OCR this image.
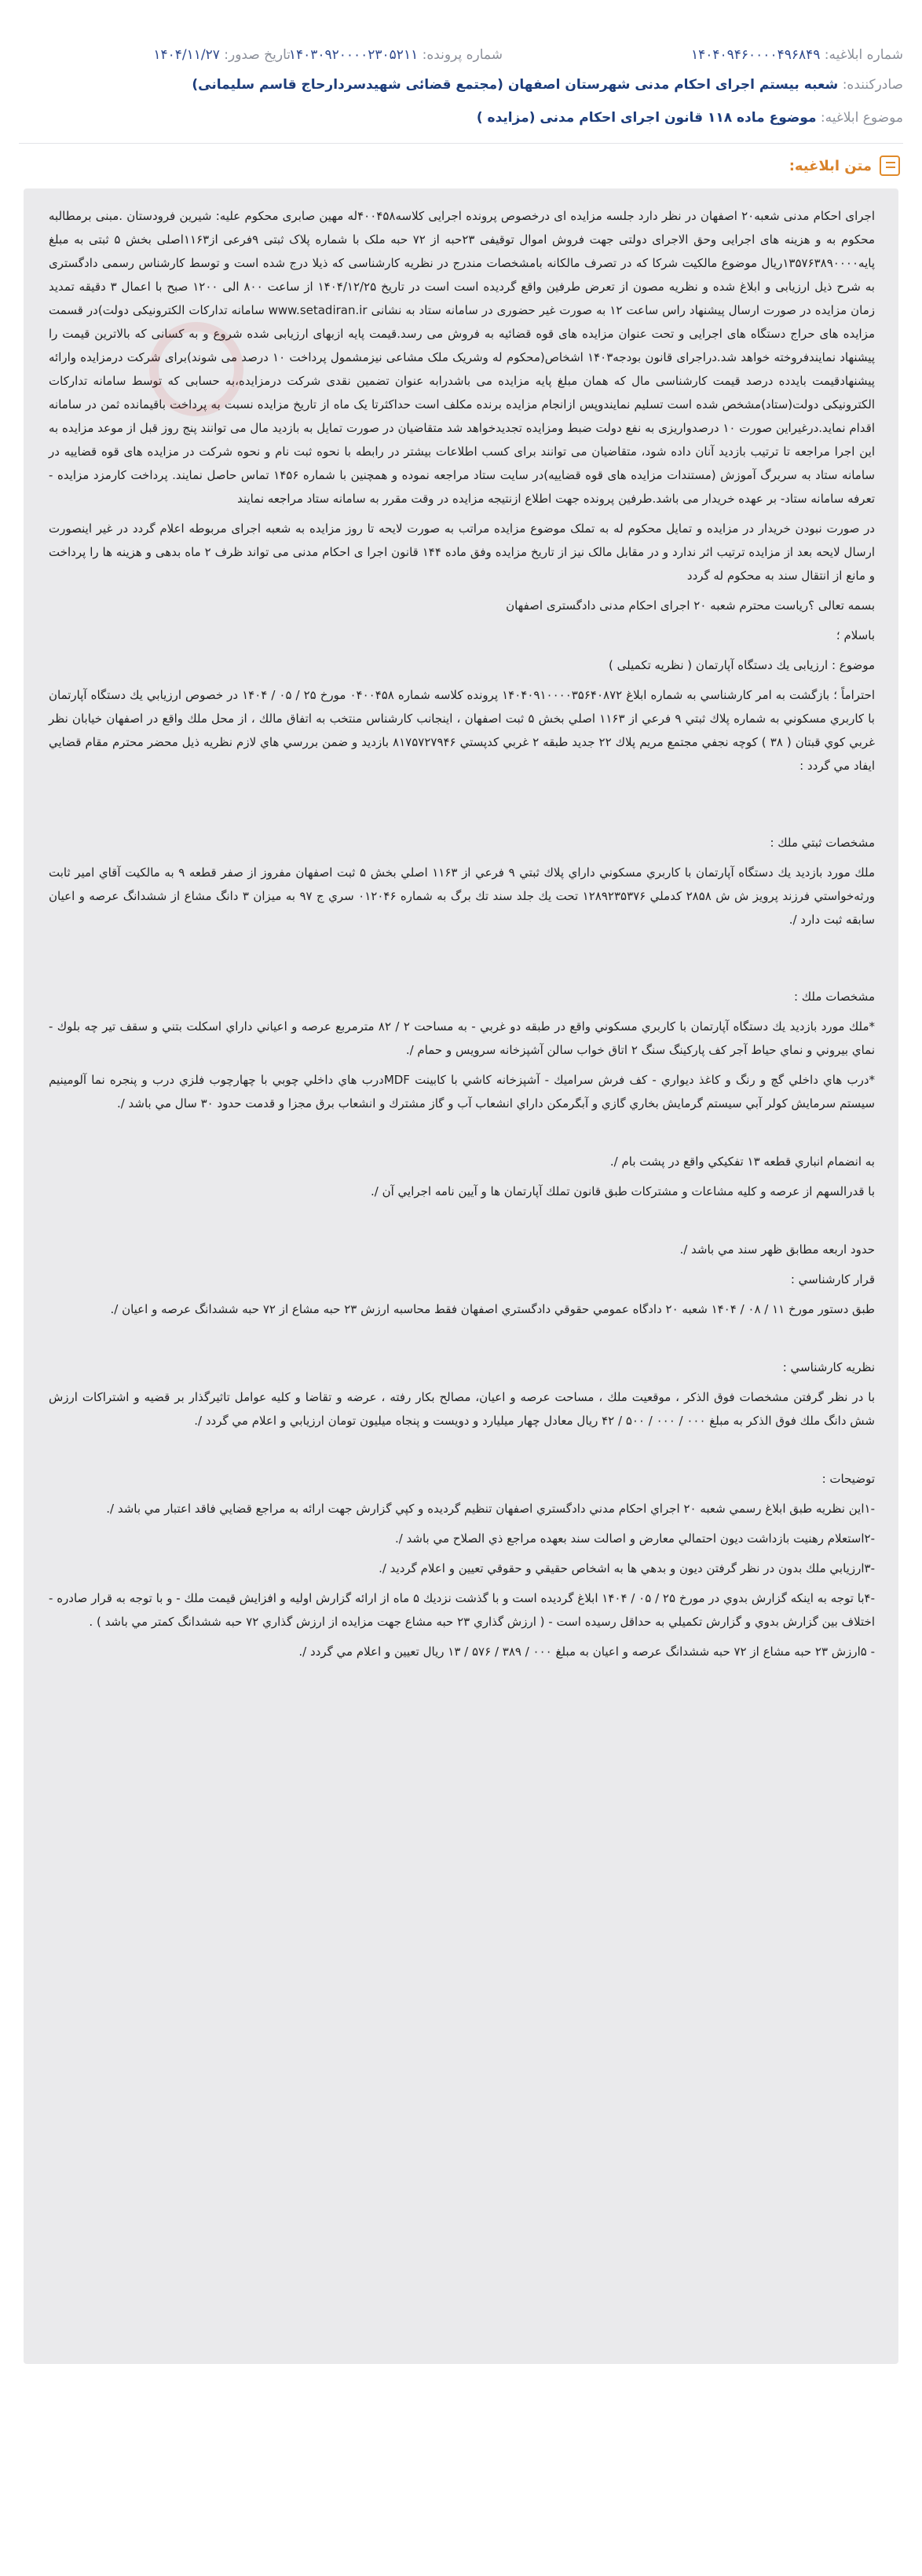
شماره ابلاغیه: ۱۴۰۴۰۹۴۶۰۰۰۰۴۹۶۸۴۹
شماره پرونده: ۱۴۰۳۰۹۲۰۰۰۰۲۳۰۵۲۱۱
تاریخ صدور: ۱۴۰۴/۱۱/۲۷
صادرکننده: شعبه بیستم اجرای احکام مدنی شهرستان اصفهان (مجتمع قضائی شهیدسردارحاج قاسم سلیمانی)
موضوع ابلاغیه: موضوع ماده ۱۱۸ قانون اجرای احکام مدنی (مزایده )
متن ابلاغیه:

اجرای احکام مدنی شعبه۲۰ اصفهان در نظر دارد جلسه مزایده ای درخصوص پرونده اجرایی کلاسه۴۰۰۴۵۸له مهین صابری محکوم علیه: شیرین فرودستان .مبنی برمطالبه محکوم به و هزینه های اجرایی وحق الاجرای دولتی جهت فروش اموال توقیفی ۲۳حبه از ۷۲ حبه ملک با شماره پلاک ثبتی ۹فرعی از۱۱۶۳اصلی بخش ۵ ثبتی به مبلغ پایه۱۳۵۷۶۳۸۹۰۰۰۰ریال موضوع مالکیت شرکا که در تصرف مالکانه بامشخصات مندرج در نظریه کارشناسی که ذیلا درج شده است و توسط کارشناس رسمی دادگستری به شرح ذیل ارزیابی و ابلاغ شده و نظریه مصون از تعرض طرفین واقع گردیده است است در تاریخ ۱۴۰۴/۱۲/۲۵ از ساعت ۸۰۰ الی ۱۲۰۰ صبح با اعمال ۳ دقیقه تمدید زمان مزایده در صورت ارسال پیشنهاد راس ساعت ۱۲ به صورت غیر حضوری در سامانه ستاد به نشانی www.setadiran.ir سامانه تدارکات الکترونیکی دولت)در قسمت مزایده های حراج دستگاه های اجرایی و تحت عنوان مزایده های قوه قضائیه به فروش می رسد.قیمت پایه ازبهای ارزیابی شده شروع و به کسانی که بالاترین قیمت را پیشنهاد نمایندفروخته خواهد شد.دراجرای قانون بودجه۱۴۰۳ اشخاص(محکوم له وشریک ملک مشاعی نیزمشمول پرداخت ۱۰ درصد می شوند)برای شرکت درمزایده وارائه پیشنهادقیمت بایدده درصد قیمت کارشناسی مال که همان مبلغ پایه مزایده می باشدرابه عنوان تضمین نقدی شرکت درمزایده،به حسابی که توسط سامانه تدارکات الکترونیکی دولت(ستاد)مشخص شده است تسلیم نمایندوپس ازانجام مزایده برنده مکلف است حداکثرتا یک ماه از تاریخ مزایده نسبت به پرداخت باقیمانده ثمن در سامانه اقدام نماید.درغیراین صورت ۱۰ درصدواریزی به نفع دولت ضبط ومزایده تجدیدخواهد شد متقاضیان در صورت تمایل به بازدید مال می توانند پنج روز قبل از موعد مزایده به این اجرا مراجعه تا ترتیب بازدید آنان داده شود، متقاضیان می توانند برای کسب اطلاعات بیشتر در رابطه با نحوه ثبت نام و نحوه شرکت در مزایده های قوه قضاییه در سامانه ستاد به سربرگ آموزش (مستندات مزایده های قوه قضاییه)در سایت ستاد مراجعه نموده و همچنین با شماره ۱۴۵۶ تماس حاصل نمایند. پرداخت کارمزد مزایده - تعرفه سامانه ستاد- بر عهده خریدار می باشد.طرفین پرونده جهت اطلاع ازنتیجه مزایده در وقت مقرر به سامانه ستاد مراجعه نمایند

در صورت نبودن خریدار در مزایده و تمایل محکوم له به تملک موضوع مزایده مراتب به صورت لایحه تا روز مزایده به شعبه اجرای مربوطه اعلام گردد در غیر اینصورت ارسال لایحه بعد از مزایده ترتیب اثر ندارد و در مقابل مالک نیز از تاریخ مزایده وفق ماده ۱۴۴ قانون اجرا ی احکام مدنی می تواند ظرف ۲ ماه بدهی و هزینه ها را پرداخت و مانع از انتقال سند به محکوم له گردد

بسمه تعالی ؟ریاست محترم شعبه ۲۰ اجرای احکام مدنی دادگستری اصفهان

باسلام ؛

موضوع : ارزیابی یك دستگاه آپارتمان ( نظریه تکمیلی )

احتراماً ؛ بازگشت به امر كارشناسي به شماره ابلاغ ۱۴۰۴۰۹۱۰۰۰۰۳۵۶۴۰۸۷۲ پرونده كلاسه شماره ۰۴۰۰۴۵۸ مورخ ۲۵ / ۰۵ / ۱۴۰۴ در خصوص ارزيابي یك دستگاه آپارتمان با كاربري مسكوني به شماره پلاك ثبتي ۹ فرعي از ۱۱۶۳ اصلي بخش ۵ ثبت اصفهان ، اينجانب كارشناس منتخب به اتفاق مالك ، از محل ملك واقع در اصفهان خيابان نظر غربي كوي قبتان ( ۳۸ ) کوچه نجفي مجتمع مریم پلاك ۲۲ جدید طبقه ۲ غربي كدپستي ۸۱۷۵۷۲۷۹۴۶ بازديد و ضمن بررسي هاي لازم نظريه ذيل محضر محترم مقام قضايي ايفاد مي گردد :

مشخصات ثبتي ملك :

ملك مورد بازديد يك دستگاه آپارتمان با كاربري مسكوني داراي پلاك ثبتي ۹ فرعي از ۱۱۶۳ اصلي بخش ۵ ثبت اصفهان مفروز از صفر قطعه ۹ به مالكيت آقاي امير ثابت ورثه‌خواستي فرزند پرويز ش ش ۲۸۵۸ كدملي ۱۲۸۹۲۳۵۳۷۶ تحت يك جلد سند تك برگ به شماره ۰۱۲۰۴۶ سري ج ۹۷ به ميزان ۳ دانگ مشاع از ششدانگ عرصه و اعيان سابقه ثبت دارد /.

مشخصات ملك :

*ملك مورد بازديد يك دستگاه آپارتمان با كاربري مسكوني واقع در طبقه دو غربي - به مساحت ۲ / ۸۲ مترمربع عرصه و اعياني داراي اسكلت بتني و سقف تير چه بلوك - نماي بيروني و نماي حياط آجر كف پاركينگ سنگ ۲ اتاق خواب سالن آشپزخانه سرويس و حمام /.

*درب هاي داخلي گچ و رنگ و كاغذ ديواري - كف فرش سراميك - آشپزخانه كاشي با كابينت MDFدرب هاي داخلي چوبي با چهارچوب فلزي درب و پنجره نما آلومينيم سيستم سرمايش كولر آبي سيستم گرمايش بخاري گازي و آبگرمكن داراي انشعاب آب و گاز مشترك و انشعاب برق مجزا و قدمت حدود ۳۰ سال مي باشد /.

به انضمام انباري قطعه ۱۳ تفكيكي واقع در پشت بام /.

با قدرالسهم از عرصه و كليه مشاعات و مشتركات طبق قانون تملك آپارتمان ها و آيين نامه اجرايي آن /.

حدود اربعه مطابق ظهر سند مي باشد /.

قرار كارشناسي :

طبق دستور مورخ ۱۱ / ۰۸ / ۱۴۰۴ شعبه ۲۰ دادگاه عمومي حقوقي دادگستري اصفهان فقط محاسبه ارزش ۲۳ حبه مشاع از ۷۲ حبه ششدانگ عرصه و اعيان /.

نظريه كارشناسي :

با در نظر گرفتن مشخصات فوق الذكر ، موقعيت ملك ، مساحت عرصه و اعيان، مصالح بكار رفته ، عرضه و تقاضا و كليه عوامل تاثيرگذار بر قضيه و اشتراكات ارزش شش دانگ ملك فوق الذكر به مبلغ ۰۰۰ / ۰۰۰ / ۵۰۰ / ۴۲ ريال معادل چهار ميليارد و دويست و پنجاه ميليون تومان ارزيابي و اعلام مي گردد /.

توضيحات :

-۱اين نظريه طبق ابلاغ رسمي شعبه ۲۰ اجراي احكام مدني دادگستري اصفهان تنظيم گرديده و كپي گزارش جهت ارائه به مراجع قضايي فاقد اعتبار مي باشد /.

-۲استعلام رهنيت بازداشت ديون احتمالي معارض و اصالت سند بعهده مراجع ذي الصلاح مي باشد /.

-۳ارزيابي ملك بدون در نظر گرفتن ديون و بدهي ها به اشخاص حقيقي و حقوقي تعيين و اعلام گرديد /.

-۴با توجه به اينكه گزارش بدوي در مورخ ۲۵ / ۰۵ / ۱۴۰۴ ابلاغ گرديده است و با گذشت نزديك ۵ ماه از ارائه گزارش اوليه و افزايش قيمت ملك - و با توجه به قرار صادره - اختلاف بين گزارش بدوي و گزارش تكميلي به حداقل رسيده است - ( ارزش گذاري ۲۳ حبه مشاع جهت مزايده از ارزش گذاري ۷۲ حبه ششدانگ كمتر مي باشد ) .

- ۵ارزش ۲۳ حبه مشاع از ۷۲ حبه ششدانگ عرصه و اعيان به مبلغ ۰۰۰ / ۳۸۹ / ۵۷۶ / ۱۳ ريال تعيين و اعلام مي گردد /.
